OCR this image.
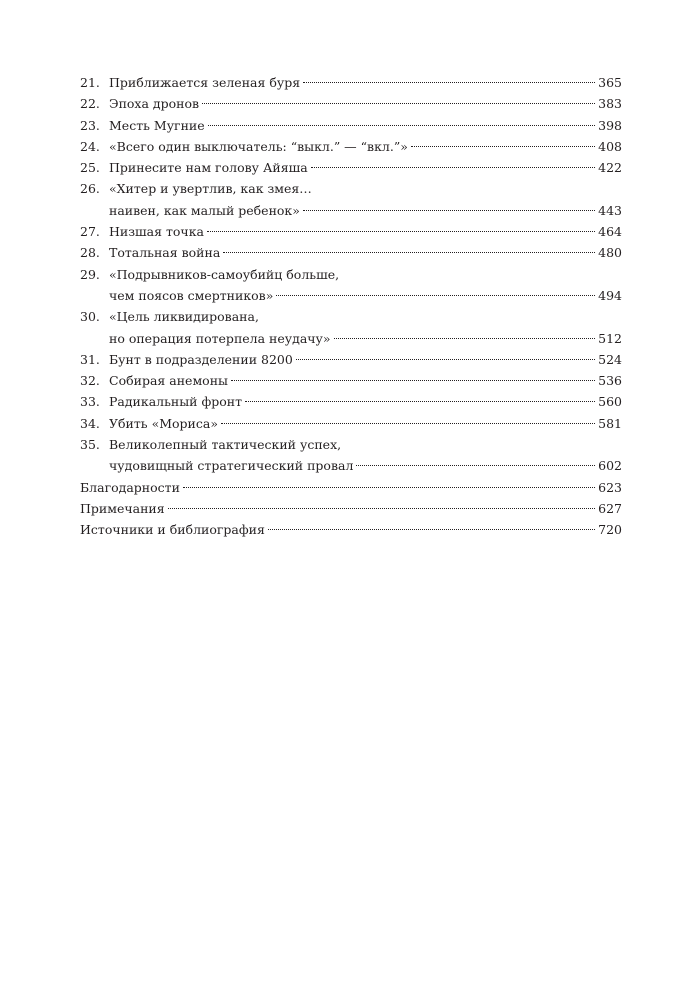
21. Приближается зеленая буря	365
22. Эпоха дронов	383
23. Месть Мугние	398
24. «Всего один выключатель: “выкл.” — “вкл.”»	408
25. Принесите нам голову Айяша	422
26. «Хитер и увертлив, как змея…
наивен, как малый ребенок»	443
27. Низшая точка	464
28. Тотальная война	480
29. «Подрывников-самоубийц больше,
чем поясов смертников»	494
30. «Цель ликвидирована,
но операция потерпела неудачу»	512
31. Бунт в подразделении 8200	524
32. Собирая анемоны	536
33. Радикальный фронт	560
34. Убить «Мориса»	581
35. Великолепный тактический успех,
чудовищный стратегический провал	602
Благодарности	623
Примечания	627
Источники и библиография	720
